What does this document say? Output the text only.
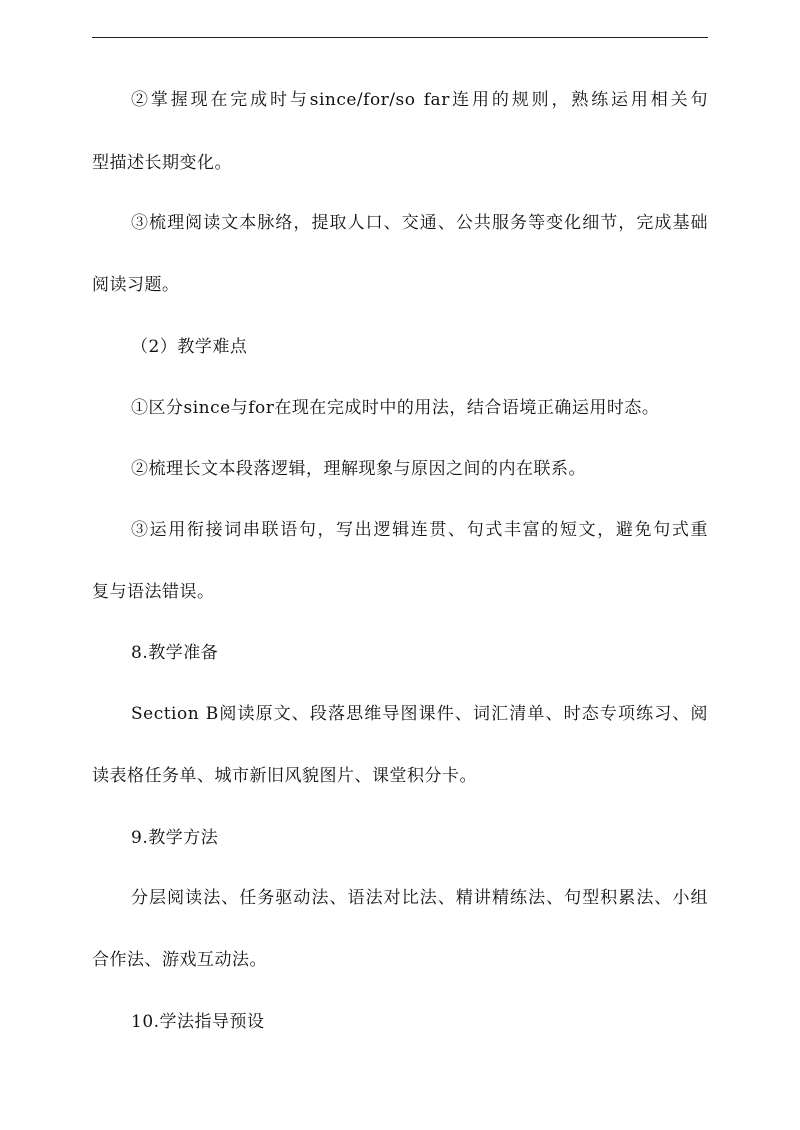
②掌握现在完成时与since/for/so far连用的规则，熟练运用相关句
型描述长期变化。
③梳理阅读文本脉络，提取人口、交通、公共服务等变化细节，完成基础
阅读习题。
（2）教学难点
①区分since与for在现在完成时中的用法，结合语境正确运用时态。
②梳理长文本段落逻辑，理解现象与原因之间的内在联系。
③运用衔接词串联语句，写出逻辑连贯、句式丰富的短文，避免句式重
复与语法错误。
8.教学准备
Section B阅读原文、段落思维导图课件、词汇清单、时态专项练习、阅
读表格任务单、城市新旧风貌图片、课堂积分卡。
9.教学方法
分层阅读法、任务驱动法、语法对比法、精讲精练法、句型积累法、小组
合作法、游戏互动法。
10.学法指导预设
